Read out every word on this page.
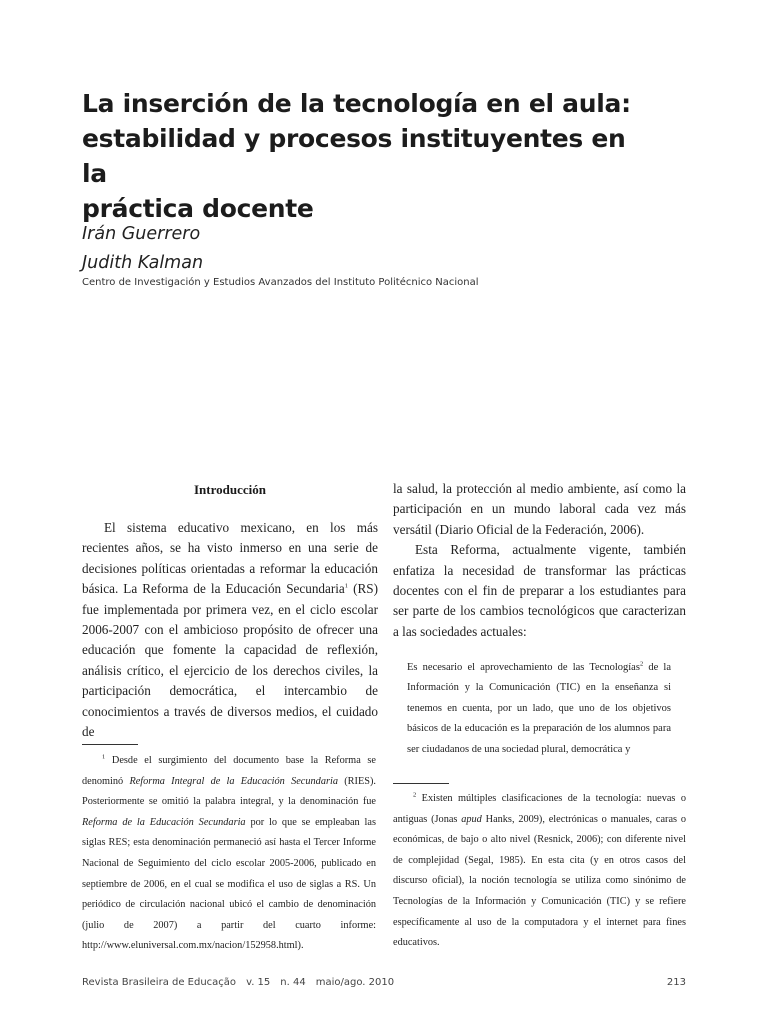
La inserción de la tecnología en el aula:
estabilidad y procesos instituyentes en la
práctica docente
Irán Guerrero
Judith Kalman
Centro de Investigación y Estudios Avanzados del Instituto Politécnico Nacional
Introducción

El sistema educativo mexicano, en los más recientes años, se ha visto inmerso en una serie de decisiones políticas orientadas a reformar la educación básica. La Reforma de la Educación Secundaria$^1$ (RS) fue implementada por primera vez, en el ciclo escolar 2006-2007 con el ambicioso propósito de ofrecer una educación que fomente la capacidad de reflexión, análisis crítico, el ejercicio de los derechos civiles, la participación democrática, el intercambio de conocimientos a través de diversos medios, el cuidado de

la salud, la protección al medio ambiente, así como la participación en un mundo laboral cada vez más versátil (Diario Oficial de la Federación, 2006).

Esta Reforma, actualmente vigente, también enfatiza la necesidad de transformar las prácticas docentes con el fin de preparar a los estudiantes para ser parte de los cambios tecnológicos que caracterizan a las sociedades actuales:

Es necesario el aprovechamiento de las Tecnologías$^2$ de la Información y la Comunicación (TIC) en la enseñanza si tenemos en cuenta, por un lado, que uno de los objetivos básicos de la educación es la preparación de los alumnos para ser ciudadanos de una sociedad plural, democrática y

$^1$ Desde el surgimiento del documento base la Reforma se denominó Reforma Integral de la Educación Secundaria (RIES). Posteriormente se omitió la palabra integral, y la denominación fue Reforma de la Educación Secundaria por lo que se empleaban las siglas RES; esta denominación permaneció así hasta el Tercer Informe Nacional de Seguimiento del ciclo escolar 2005-2006, publicado en septiembre de 2006, en el cual se modifica el uso de siglas a RS. Un periódico de circulación nacional ubicó el cambio de denominación (julio de 2007) a partir del cuarto informe: http://www.eluniversal.com.mx/nacion/152958.html).

$^2$ Existen múltiples clasificaciones de la tecnología: nuevas o antiguas (Jonas apud Hanks, 2009), electrónicas o manuales, caras o económicas, de bajo o alto nivel (Resnick, 2006); con diferente nivel de complejidad (Segal, 1985). En esta cita (y en otros casos del discurso oficial), la noción tecnología se utiliza como sinónimo de Tecnologías de la Información y Comunicación (TIC) y se refiere específicamente al uso de la computadora y el internet para fines educativos.

Revista Brasileira de Educação v. 15 n. 44 maio/ago. 2010	213
